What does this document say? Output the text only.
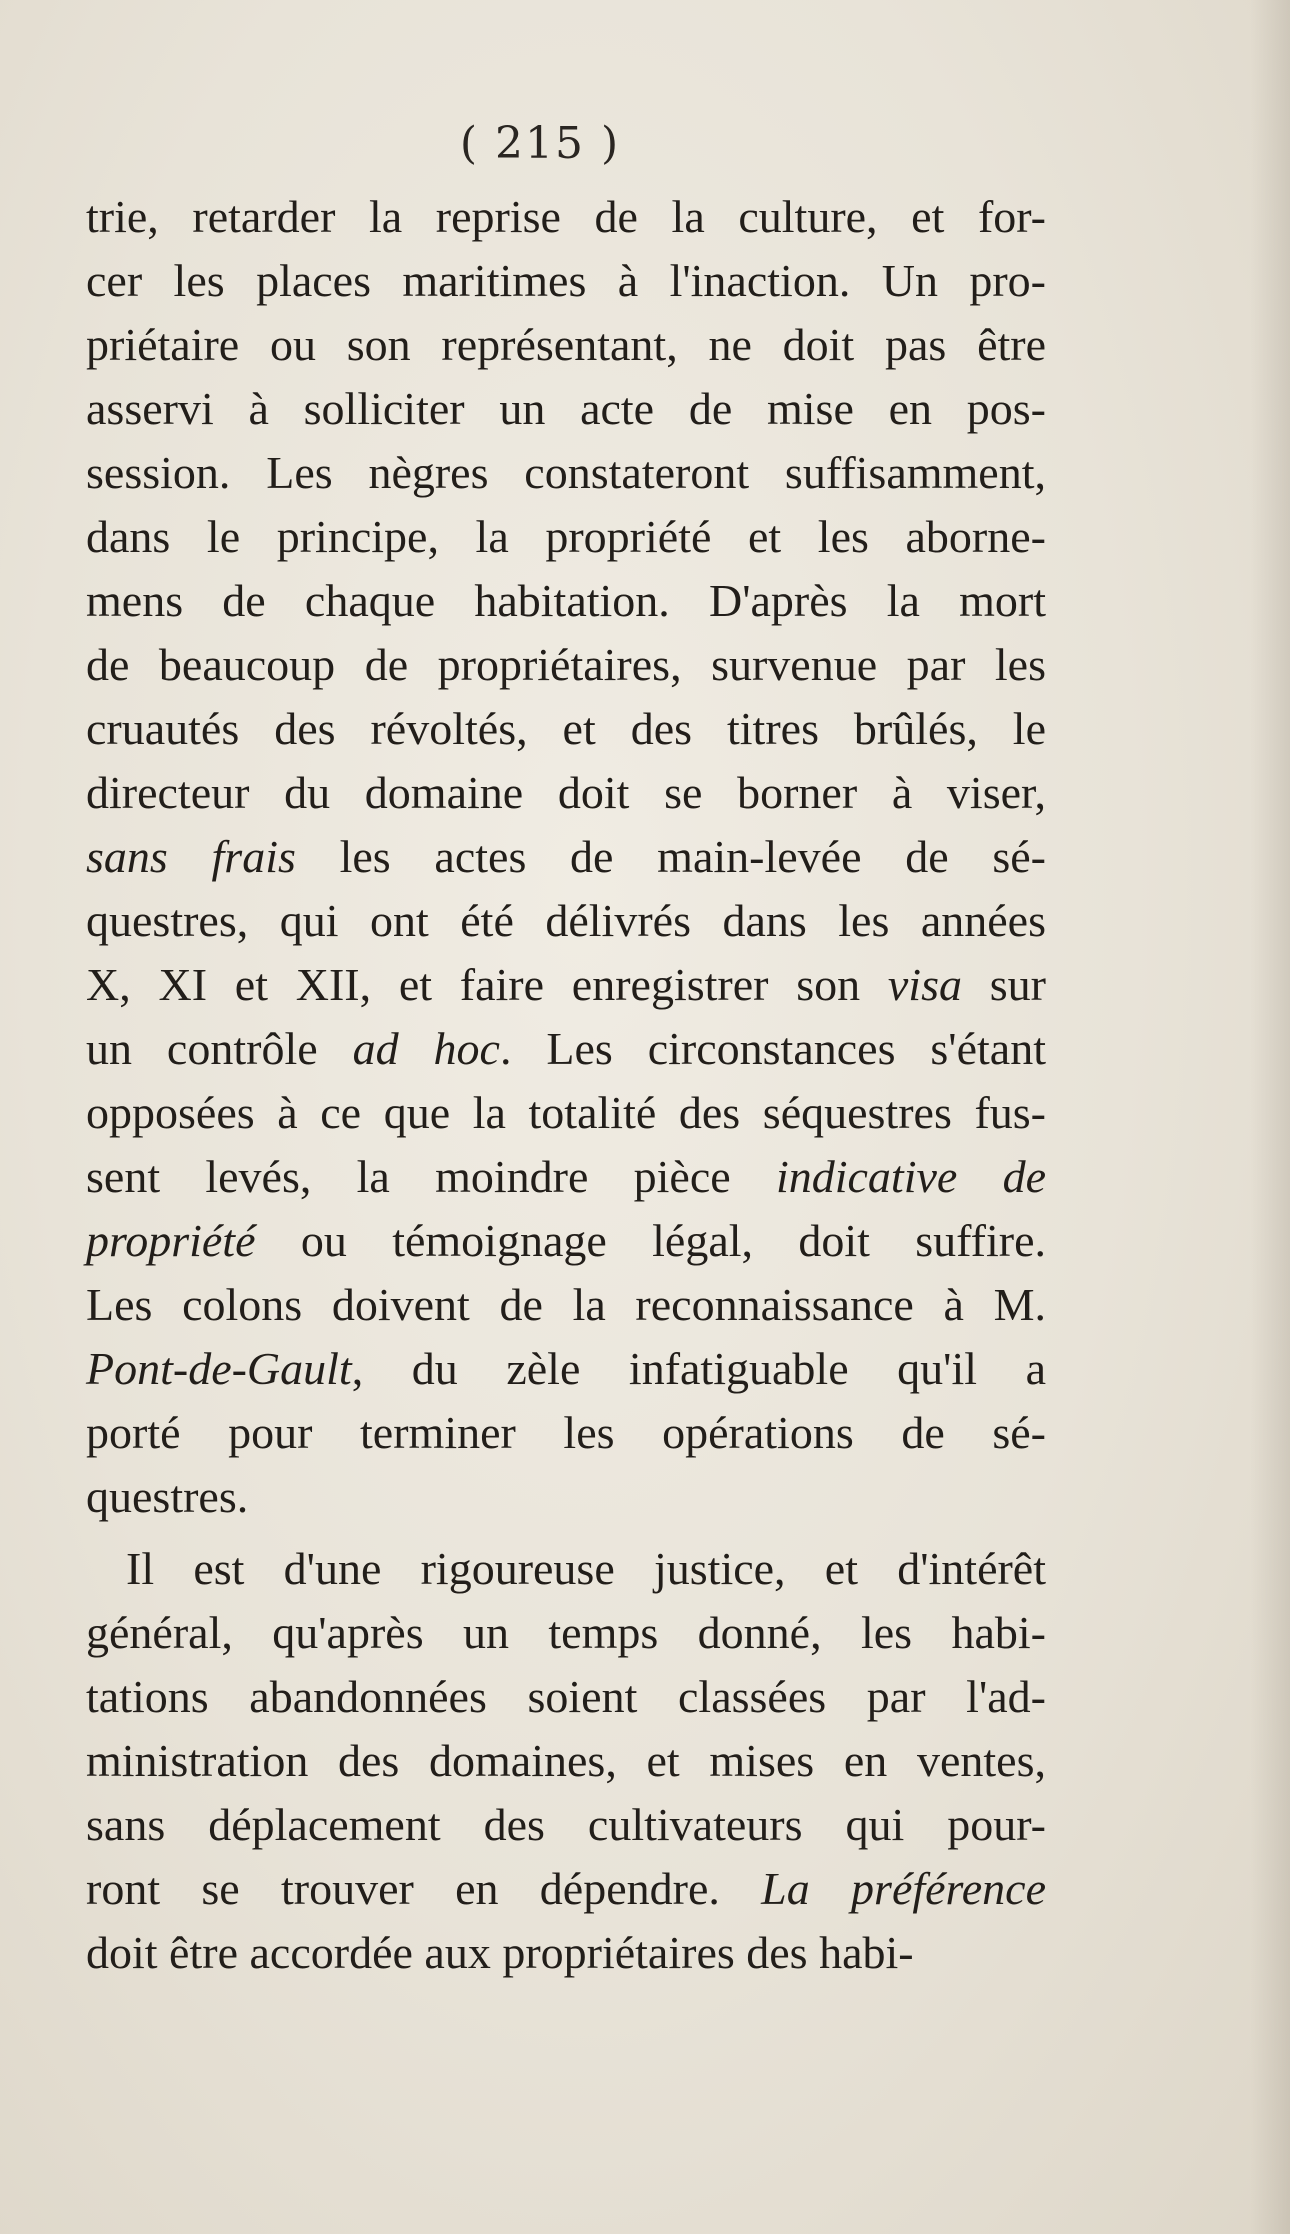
( 215 )
trie, retarder la reprise de la culture, et for-
cer les places maritimes à l'inaction. Un pro-
priétaire ou son représentant, ne doit pas être
asservi à solliciter un acte de mise en pos-
session. Les nègres constateront suffisamment,
dans le principe, la propriété et les aborne-
mens de chaque habitation. D'après la mort
de beaucoup de propriétaires, survenue par les
cruautés des révoltés, et des titres brûlés, le
directeur du domaine doit se borner à viser,
sans frais les actes de main-levée de sé-
questres, qui ont été délivrés dans les années
X, XI et XII, et faire enregistrer son visa sur
un contrôle ad hoc. Les circonstances s'étant
opposées à ce que la totalité des séquestres fus-
sent levés, la moindre pièce indicative de
propriété ou témoignage légal, doit suffire.
Les colons doivent de la reconnaissance à M.
Pont-de-Gault, du zèle infatiguable qu'il a
porté pour terminer les opérations de sé-
questres.
Il est d'une rigoureuse justice, et d'intérêt
général, qu'après un temps donné, les habi-
tations abandonnées soient classées par l'ad-
ministration des domaines, et mises en ventes,
sans déplacement des cultivateurs qui pour-
ront se trouver en dépendre. La préférence
doit être accordée aux propriétaires des habi-
